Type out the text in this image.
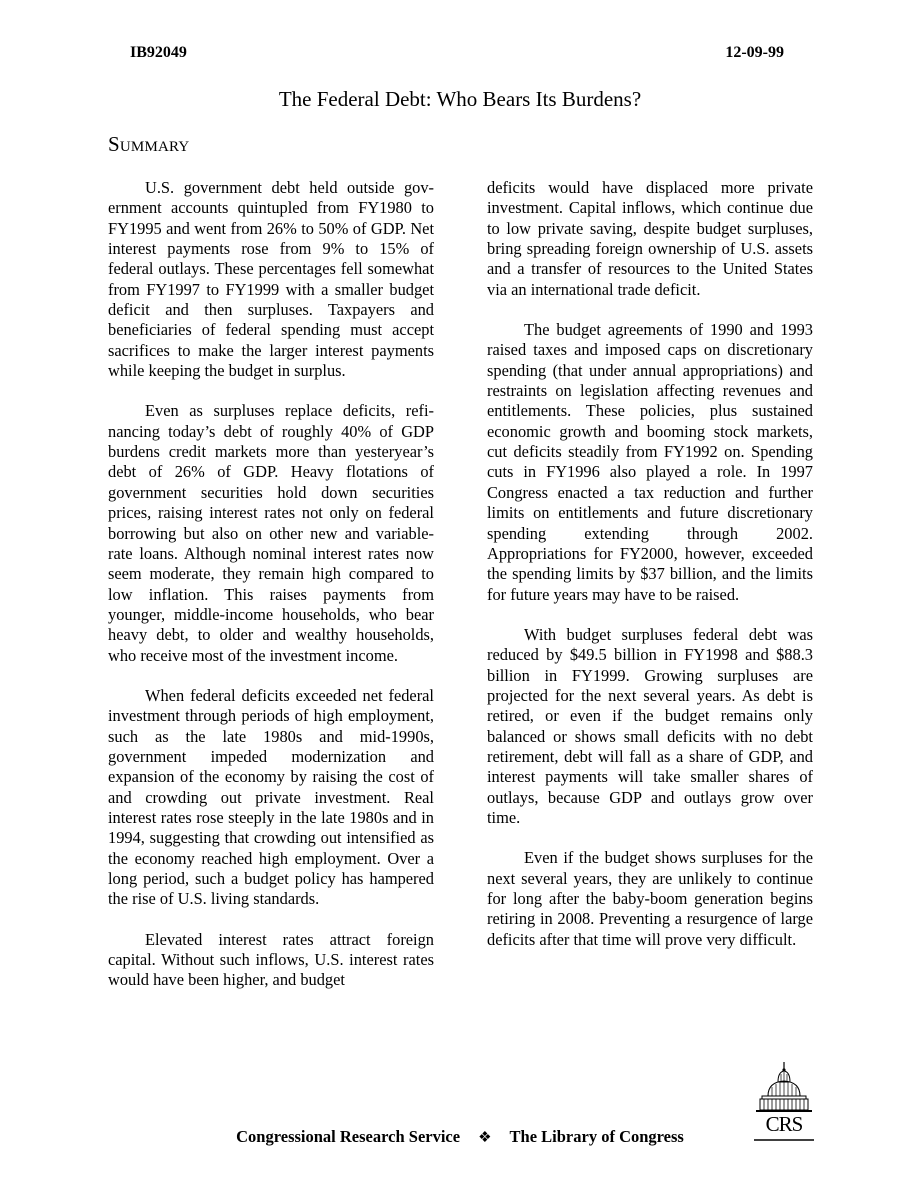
IB92049	12-09-99
The Federal Debt: Who Bears Its Burdens?
Summary

U.S. government debt held outside government accounts quintupled from FY1980 to FY1995 and went from 26% to 50% of GDP. Net interest payments rose from 9% to 15% of federal outlays. These percentages fell somewhat from FY1997 to FY1999 with a smaller budget deficit and then surpluses. Taxpayers and beneficiaries of federal spending must accept sacrifices to make the larger interest payments while keeping the budget in surplus.

Even as surpluses replace deficits, refinancing today’s debt of roughly 40% of GDP burdens credit markets more than yesteryear’s debt of 26% of GDP. Heavy flotations of government securities hold down securities prices, raising interest rates not only on federal borrowing but also on other new and variable-rate loans. Although nominal interest rates now seem moderate, they remain high compared to low inflation. This raises payments from younger, middle-income households, who bear heavy debt, to older and wealthy households, who receive most of the investment income.

When federal deficits exceeded net federal investment through periods of high employment, such as the late 1980s and mid-1990s, government impeded modernization and expansion of the economy by raising the cost of and crowding out private investment. Real interest rates rose steeply in the late 1980s and in 1994, suggesting that crowding out intensified as the economy reached high employment. Over a long period, such a budget policy has hampered the rise of U.S. living standards.

Elevated interest rates attract foreign capital. Without such inflows, U.S. interest rates would have been higher, and budget

deficits would have displaced more private investment. Capital inflows, which continue due to low private saving, despite budget surpluses, bring spreading foreign ownership of U.S. assets and a transfer of resources to the United States via an international trade deficit.

The budget agreements of 1990 and 1993 raised taxes and imposed caps on discretionary spending (that under annual appropriations) and restraints on legislation affecting revenues and entitlements. These policies, plus sustained economic growth and booming stock markets, cut deficits steadily from FY1992 on. Spending cuts in FY1996 also played a role. In 1997 Congress enacted a tax reduction and further limits on entitlements and future discretionary spending extending through 2002. Appropriations for FY2000, however, exceeded the spending limits by $37 billion, and the limits for future years may have to be raised.

With budget surpluses federal debt was reduced by $49.5 billion in FY1998 and $88.3 billion in FY1999. Growing surpluses are projected for the next several years. As debt is retired, or even if the budget remains only balanced or shows small deficits with no debt retirement, debt will fall as a share of GDP, and interest payments will take smaller shares of outlays, because GDP and outlays grow over time.

Even if the budget shows surpluses for the next several years, they are unlikely to continue for long after the baby-boom generation begins retiring in 2008. Preventing a resurgence of large deficits after that time will prove very difficult.

Congressional Research Service ❖ The Library of Congress
CRS
